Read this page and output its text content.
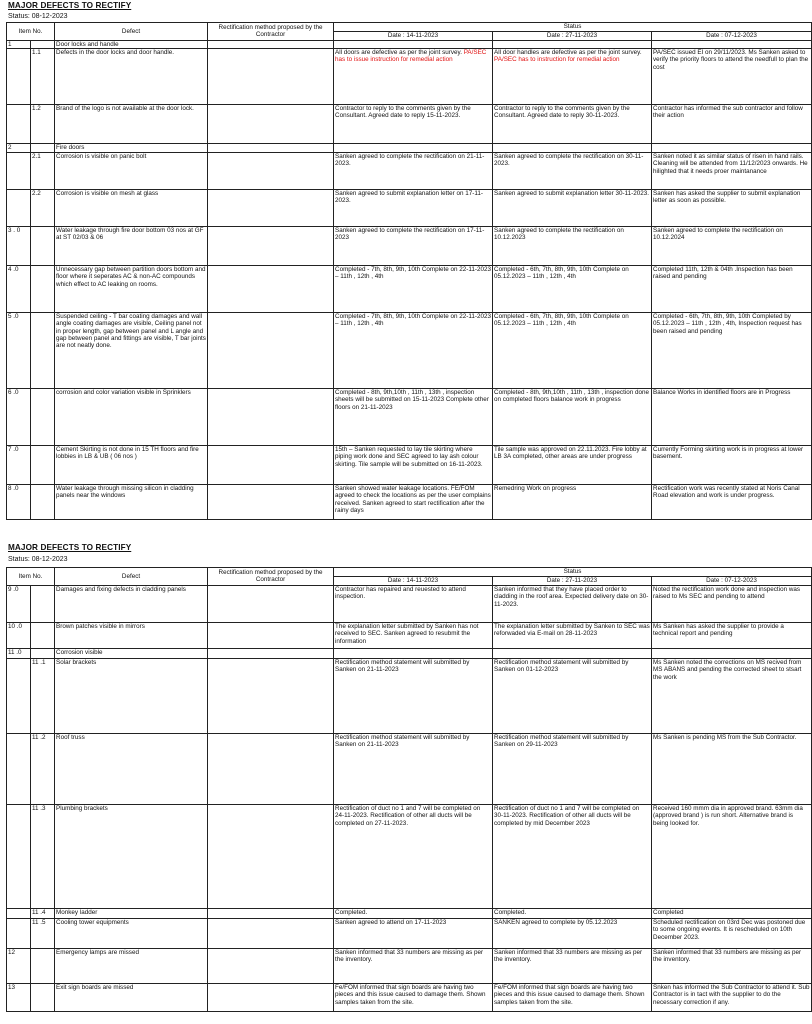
MAJOR DEFECTS TO RECTIFY
Status: 08-12-2023
Item No.		Defect	Rectification method proposed by the Contractor	Status		
				Date : 14-11-2023	Date : 27-11-2023	Date : 07-12-2023

1		Door locks and handle				

	1.1	Defects in the door locks and door handle.		All doors are defective as per the joint survey. PA/SEC has to issue instruction for remedial action	All door handles are defective as per the joint survey. PA/SEC has to instruction for remedial action	PA/SEC issued EI on 29/11/2023. Ms Sanken asked to verify the priority floors to attend the needfull to plan the cost

	1.2	Brand of the logo is not available at the door lock.		Contractor to reply to the comments given by the Consultant. Agreed date to reply 15-11-2023.	Contractor to reply to the comments given by the Consultant. Agreed date to reply 30-11-2023.	Contractor has informed the sub contractor and follow their action

2		Fire doors				

	2.1	Corrosion is visible on panic bolt		Sanken agreed to complete the rectification on 21-11-2023.	Sanken agreed to complete the rectification on 30-11-2023.	Sanken noted it as similar status of risen in hand rails. Cleaning will be attended from 11/12/2023 onwards. He hilighted that it needs proer maintanance

	2.2	Corrosion is visible on mesh at glass		Sanken agreed to submit explanation letter on 17-11-2023.	Sanken agreed to submit explanation letter 30-11-2023.	Sanken has asked the supplier to submit explanation letter as soon as possible.

3 . 0		Water leakage through fire door bottom 03 nos at GF at ST 02/03 & 06		Sanken agreed to complete the rectification on 17-11-2023	Sanken agreed to complete the rectification on 10.12.2023	Sanken agreed to complete the rectification on 10.12.2024

4 .0		Unnecessary gap between partition doors bottom and floor where it seperates AC & non-AC compounds which effect to AC leaking on rooms.		Completed - 7th, 8th, 9th, 10th Complete on 22-11-2023 – 11th , 12th , 4th	Completed - 6th, 7th, 8th, 9th, 10th Complete on 05.12.2023 – 11th , 12th , 4th	Completed 11th, 12th & 04th .Inspection has been raised and pending

5 .0		Suspended ceiling - T bar coating damages and wall angle coating damages are visible, Ceiling panel not in proper length, gap between panel and L angle and gap between panel and fittings are visible, T bar joints are not neatly done.		Completed - 7th, 8th, 9th, 10th Complete on 22-11-2023 – 11th , 12th , 4th	Completed - 6th, 7th, 8th, 9th, 10th Complete on 05.12.2023 – 11th , 12th , 4th	Completed - 6th, 7th, 8th, 9th, 10th Completed by 05.12.2023 – 11th , 12th , 4th, Inspection request has been raised and pending

6 .0		corrosion and color variation visible in Sprinklers		Completed - 8th, 9th,10th , 11th , 13th , inspection sheets will be submitted on 15-11-2023 Complete other floors on 21-11-2023	Completed - 8th, 9th,10th , 11th , 13th , inspection done on completed floors balance work in progress	Balance Works in identified floors are in Progress

7 .0		Cement Skirting is not done in 15 TH floors and fire lobbies in LB & UB ( 06 nos )		15th – Sanken requested to lay tile skirting where piping work done and SEC agreed to lay ash colour skirting. Tile sample will be submitted on 16-11-2023.	Tile sample was approved on 22.11.2023. Fire lobby at LB 3A completed, other areas are under progress	Currently Forming skirting work is in progress at lower basement.

8 .0		Water leakage through missing silicon in cladding panels near the windows		Sanken showed water leakage locations. FE/FOM agreed to check the locations as per the user complains received. Sanken agreed to start rectification after the rainy days	Remedring Work on progress	Rectification work was recently stated at Noris Canal Road elevation and work is under progress.
MAJOR DEFECTS TO RECTIFY
Status: 08-12-2023
Item No.		Defect	Rectification method proposed by the Contractor	Status		
				Date : 14-11-2023	Date : 27-11-2023	Date : 07-12-2023

9 .0		Damages and fixing defects in cladding panels		Contractor has repaired and reuested to attend inspection.	Sanken informed that they have placed order to cladding in the roof area. Expected delivery date on 30-11-2023.	Noted the rectification work done and inspection was raised to Ms SEC and pending to attend

10 .0		Brown patches visible in mirrors		The explanation letter submitted by Sanken has not received to SEC. Sanken agreed to resubmit the information	The explanation letter submitted by Sanken to SEC was reforwaded via E-mail on 28-11-2023	Ms Sanken has asked the supplier to provide a technical report and pending

11 .0		Corrosion visible				

	11 .1	Solar brackets		Rectification method statement will submitted by Sanken on 21-11-2023	Rectification method statement will submitted by Sanken on 01-12-2023	Ms Sanken noted the corrections on MS recived from MS ABANS and pending the corrected sheet to stsart the work

	11 .2	Roof truss		Rectification method statement will submitted by Sanken on 21-11-2023	Rectification method statement will submitted by Sanken on 29-11-2023	Ms Sanken is pending MS from the Sub Contractor.

	11 .3	Plumbing brackets		Rectification of duct no 1 and 7 will be completed on 24-11-2023. Rectification of other all ducts will be completed on 27-11-2023.	Rectification of duct no 1 and 7 will be completed on 30-11-2023. Rectification of other all ducts will be completed by mid December 2023	Received 160 mmm dia in approved brand. 63mm dia (approved brand ) is run short. Alternative brand is being looked for.

	11 .4	Monkey ladder		Completed.	Completed.	Completed

	11 .5	Cooling tower equipments		Sanken agreed to attend on 17-11-2023	SANKEN agreed to complete by 05.12.2023	Scheduled rectification on 03rd Dec was postoned due to some ongoing events. It is rescheduled on 10th December 2023.

12		Emergency lamps are missed		Sanken informed that 33 numbers are missing as per the inventory.	Sanken informed that 33 numbers are missing as per the inventory.	Sanken informed that 33 numbers are missing as per the inventory.

13		Exit sign boards are missed		Fe/FOM informed that sign boards are having two pieces and this issue caused to damage them. Shown samples taken from the site.	Fe/FOM informed that sign boards are having two pieces and this issue caused to damage them. Shown samples taken from the site.	Snken has informed the Sub Contractor to attend it. Sub Contractor is in tact with the supplier to do the necessary correction if any.
